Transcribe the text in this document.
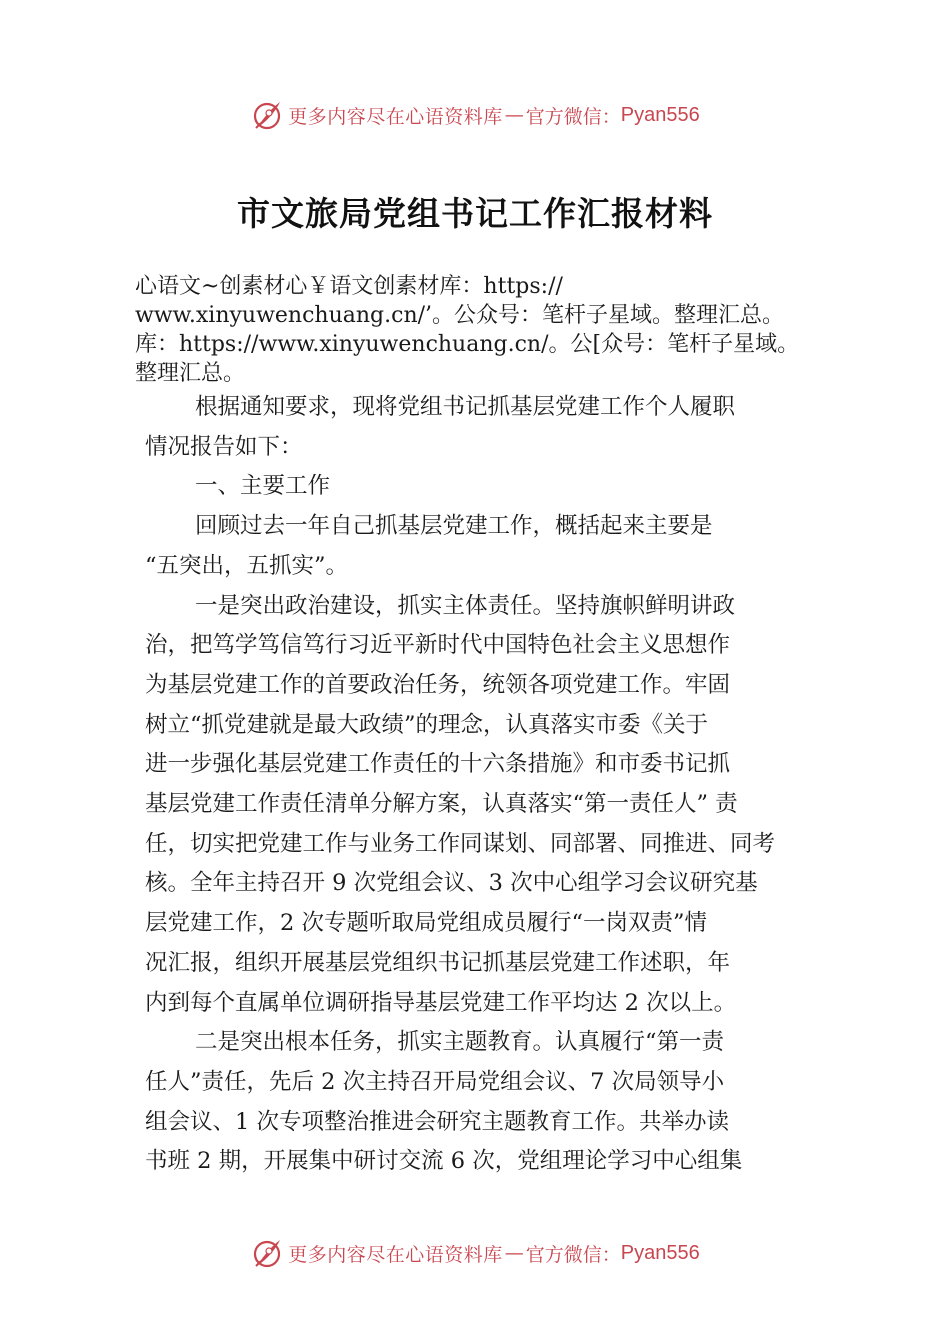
更多内容尽在心语资料库 — 官方微信： Pyan556
市文旅局党组书记工作汇报材料
心语文~创素材心￥语文创素材库：https://
www.xinyuwenchuang.cn/’。公众号：笔杆子星域。整理汇总。
库：https://www.xinyuwenchuang.cn/。公[众号：笔杆子星域。
整理汇总。
根据通知要求，现将党组书记抓基层党建工作个人履职
情况报告如下：
一、主要工作
回顾过去一年自己抓基层党建工作，概括起来主要是
“五突出，五抓实”。
一是突出政治建设，抓实主体责任。坚持旗帜鲜明讲政
治，把笃学笃信笃行习近平新时代中国特色社会主义思想作
为基层党建工作的首要政治任务，统领各项党建工作。牢固
树立“抓党建就是最大政绩”的理念，认真落实市委《关于
进一步强化基层党建工作责任的十六条措施》和市委书记抓
基层党建工作责任清单分解方案，认真落实“第一责任人” 责
任，切实把党建工作与业务工作同谋划、同部署、同推进、同考
核。全年主持召开 9 次党组会议、3 次中心组学习会议研究基
层党建工作，2 次专题听取局党组成员履行“一岗双责”情
况汇报，组织开展基层党组织书记抓基层党建工作述职，年
内到每个直属单位调研指导基层党建工作平均达 2 次以上。
二是突出根本任务，抓实主题教育。认真履行“第一责
任人”责任，先后 2 次主持召开局党组会议、7 次局领导小
组会议、1 次专项整治推进会研究主题教育工作。共举办读
书班 2 期，开展集中研讨交流 6 次，党组理论学习中心组集
更多内容尽在心语资料库 — 官方微信： Pyan556
